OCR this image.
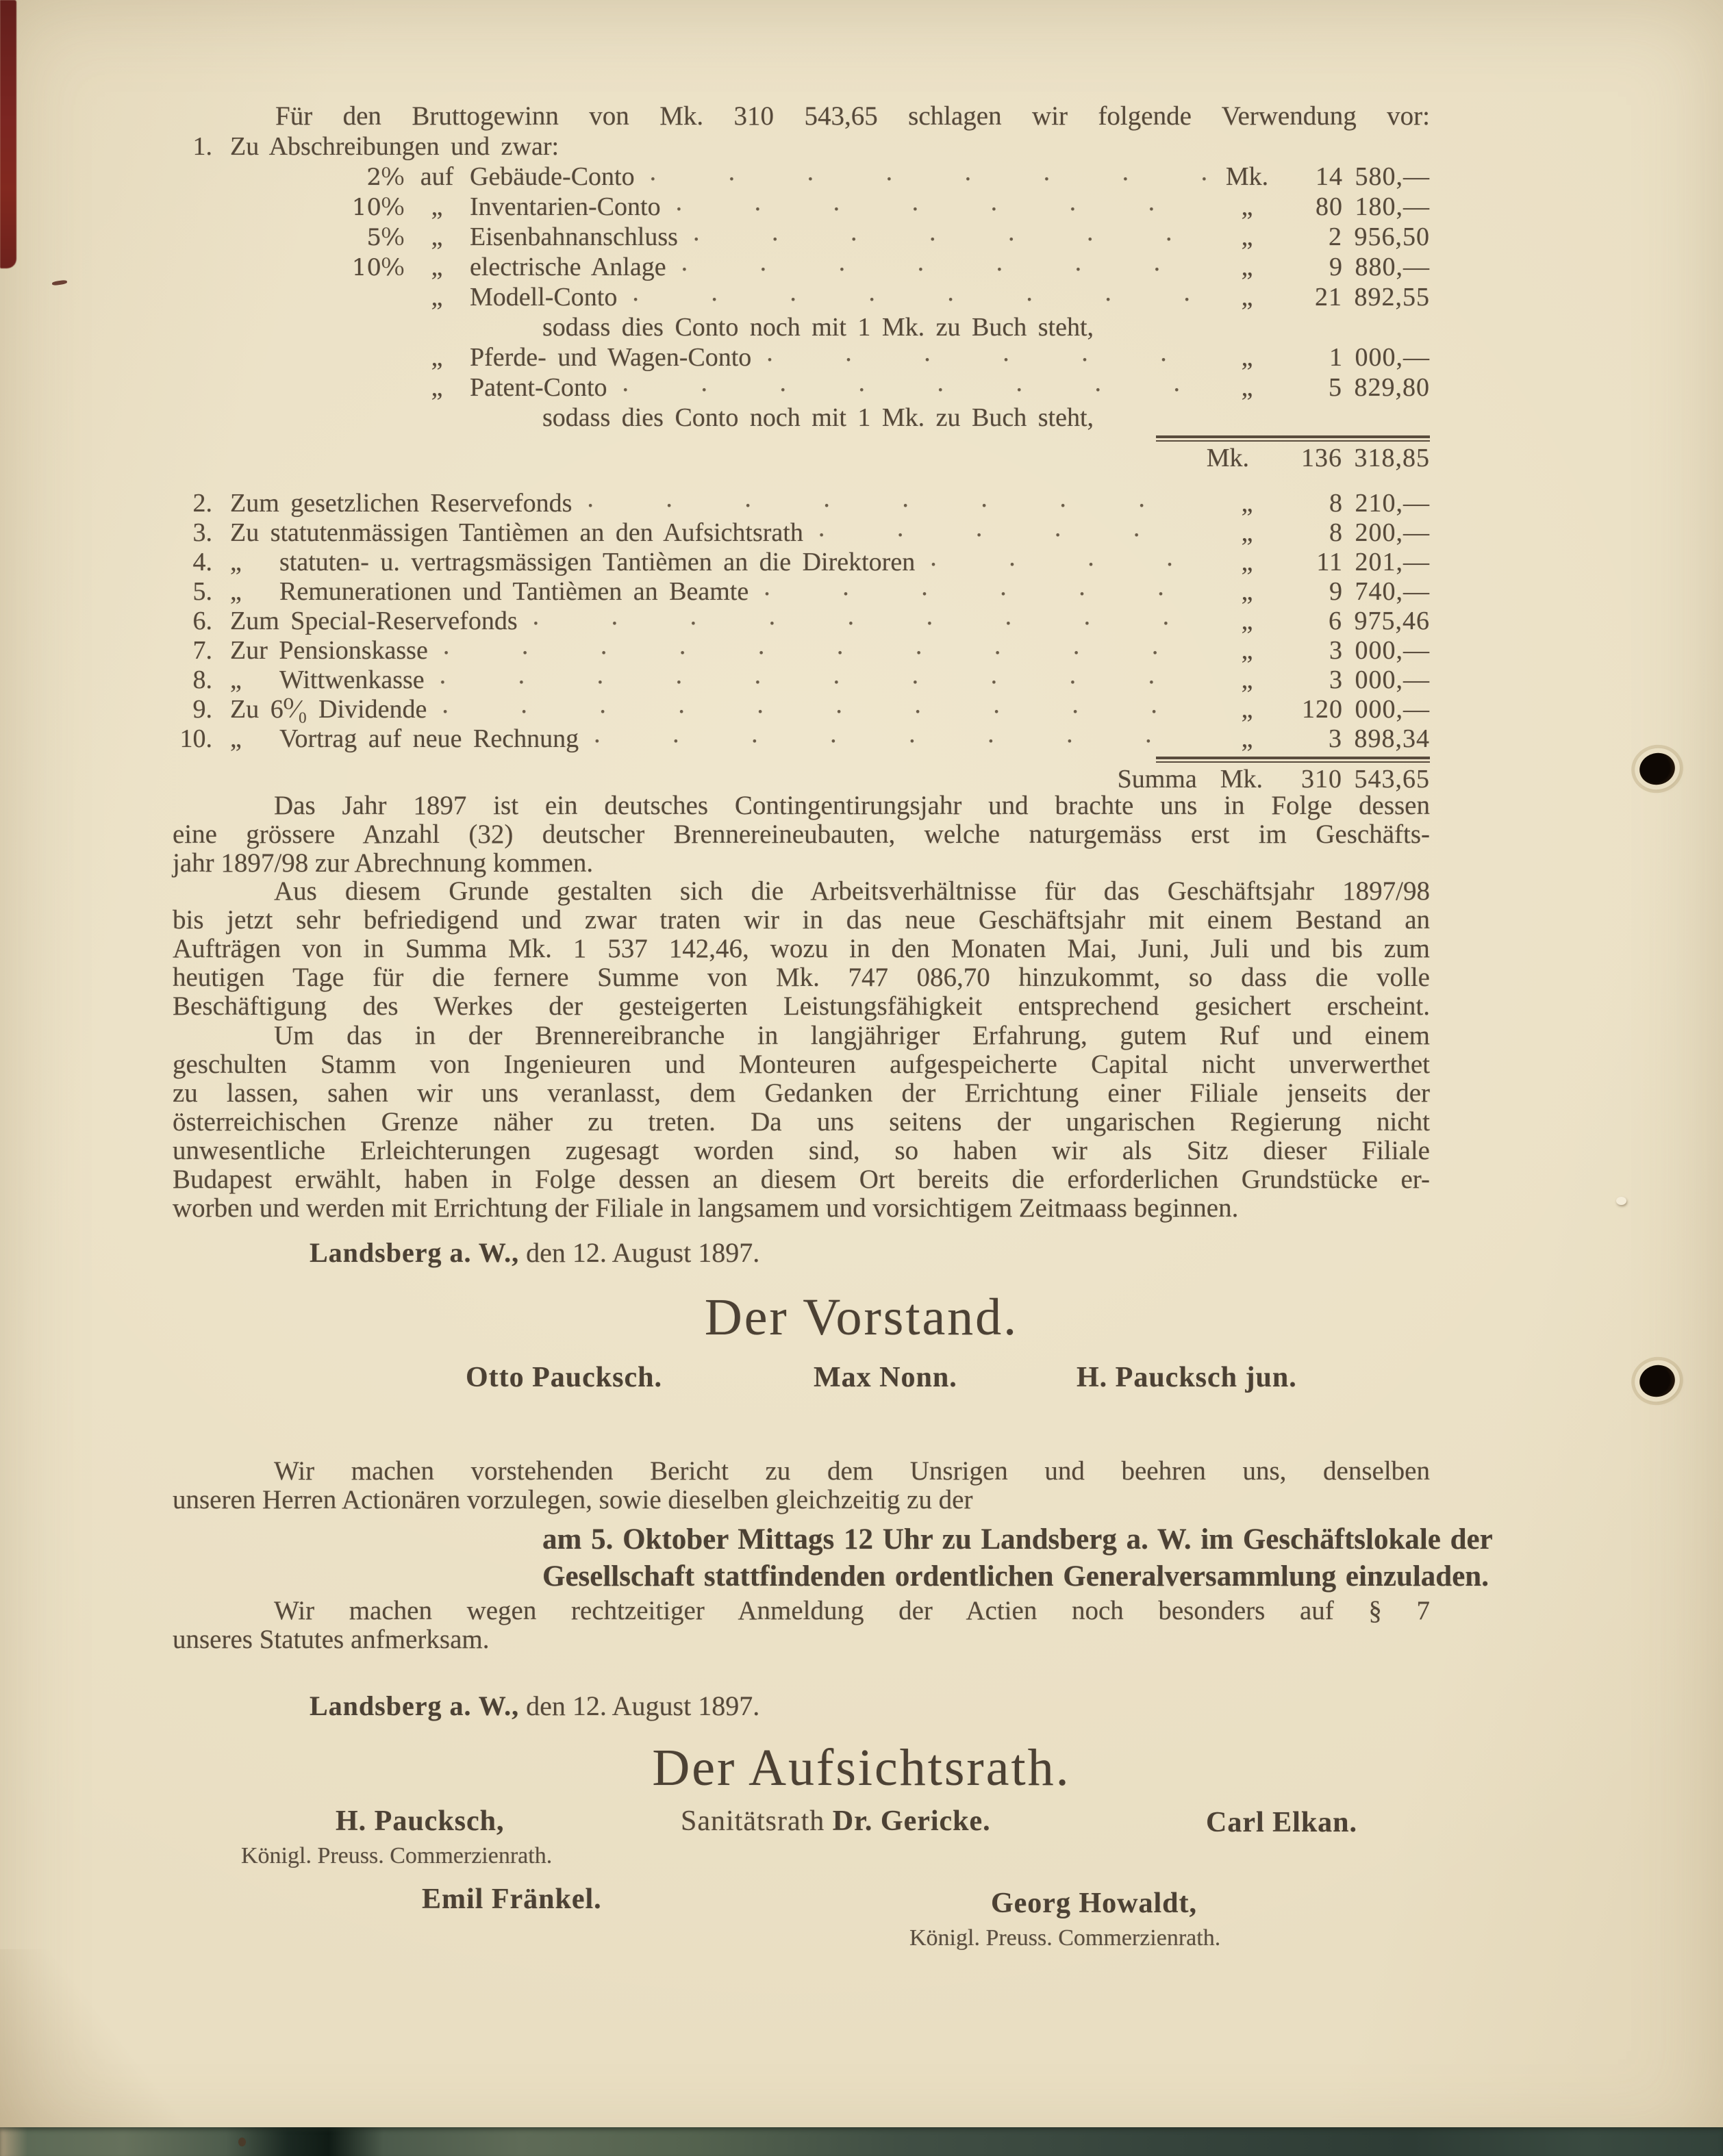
Für den Bruttogewinn von Mk. 310 543,65 schlagen wir folgende Verwendung vor:
1. Zu Abschreibungen und zwar:
2⁰⁄₀ auf Gebäude-Conto .   .	Mk.	14 580,—
10⁰⁄₀	„	Inventarien-Conto .   .	„	80 180,—
5⁰⁄₀	„	Eisenbahnanschluss .   .	„	2 956,50
10⁰⁄₀	„	electrische Anlage .   .	„	9 880,—
„	Modell-Conto .   .	„	21 892,55
sodass dies Conto noch mit 1 Mk. zu Buch steht,
„	Pferde- und Wagen-Conto .   .	„	1 000,—
„	Patent-Conto .   .	„	5 829,80
sodass dies Conto noch mit 1 Mk. zu Buch steht,
Mk.	136 318,85
2. Zum gesetzlichen Reservefonds .   .	„	8 210,—
3. Zu statutenmässigen Tantièmen an den Aufsichtsrath .   .	„	8 200,—
4. „	statuten- u. vertragsmässigen Tantièmen an die Direktoren .   .	„	11 201,—
5. „	Remunerationen und Tantièmen an Beamte .   .	„	9 740,—
6. Zum Special-Reservefonds .   .	„	6 975,46
7. Zur Pensionskasse .   .	„	3 000,—
8. „	Wittwenkasse .   .	„	3 000,—
9. Zu 6⁰⁄₀ Dividende .   .	„	120 000,—
10. „	Vortrag auf neue Rechnung .   .	„	3 898,34
Summa Mk.	310 543,65
Das Jahr 1897 ist ein deutsches Contingentirungsjahr und brachte uns in Folge dessen
eine grössere Anzahl (32) deutscher Brennereineubauten, welche naturgemäss erst im Geschäfts-
jahr 1897/98 zur Abrechnung kommen.
Aus diesem Grunde gestalten sich die Arbeitsverhältnisse für das Geschäftsjahr 1897/98
bis jetzt sehr befriedigend und zwar traten wir in das neue Geschäftsjahr mit einem Bestand an
Aufträgen von in Summa Mk. 1 537 142,46, wozu in den Monaten Mai, Juni, Juli und bis zum
heutigen Tage für die fernere Summe von Mk. 747 086,70 hinzukommt, so dass die volle
Beschäftigung des Werkes der gesteigerten Leistungsfähigkeit entsprechend gesichert erscheint.
Um das in der Brennereibranche in langjähriger Erfahrung, gutem Ruf und einem
geschulten Stamm von Ingenieuren und Monteuren aufgespeicherte Capital nicht unverwerthet
zu lassen, sahen wir uns veranlasst, dem Gedanken der Errichtung einer Filiale jenseits der
österreichischen Grenze näher zu treten. Da uns seitens der ungarischen Regierung nicht
unwesentliche Erleichterungen zugesagt worden sind, so haben wir als Sitz dieser Filiale
Budapest erwählt, haben in Folge dessen an diesem Ort bereits die erforderlichen Grundstücke er-
worben und werden mit Errichtung der Filiale in langsamem und vorsichtigem Zeitmaass beginnen.
Landsberg a. W., den 12. August 1897.
Der Vorstand.
Otto Paucksch.	Max Nonn.	H. Paucksch jun.
Wir machen vorstehenden Bericht zu dem Unsrigen und beehren uns, denselben
unseren Herren Actionären vorzulegen, sowie dieselben gleichzeitig zu der
am 5. Oktober Mittags 12 Uhr zu Landsberg a. W. im Geschäftslokale der
Gesellschaft stattfindenden ordentlichen Generalversammlung einzuladen.
Wir machen wegen rechtzeitiger Anmeldung der Actien noch besonders auf § 7
unseres Statutes anfmerksam.
Landsberg a. W., den 12. August 1897.
Der Aufsichtsrath.
H. Paucksch,	Sanitätsrath Dr. Gericke.	Carl Elkan.
Königl. Preuss. Commerzienrath.
Emil Fränkel.	Georg Howaldt,
Königl. Preuss. Commerzienrath.
